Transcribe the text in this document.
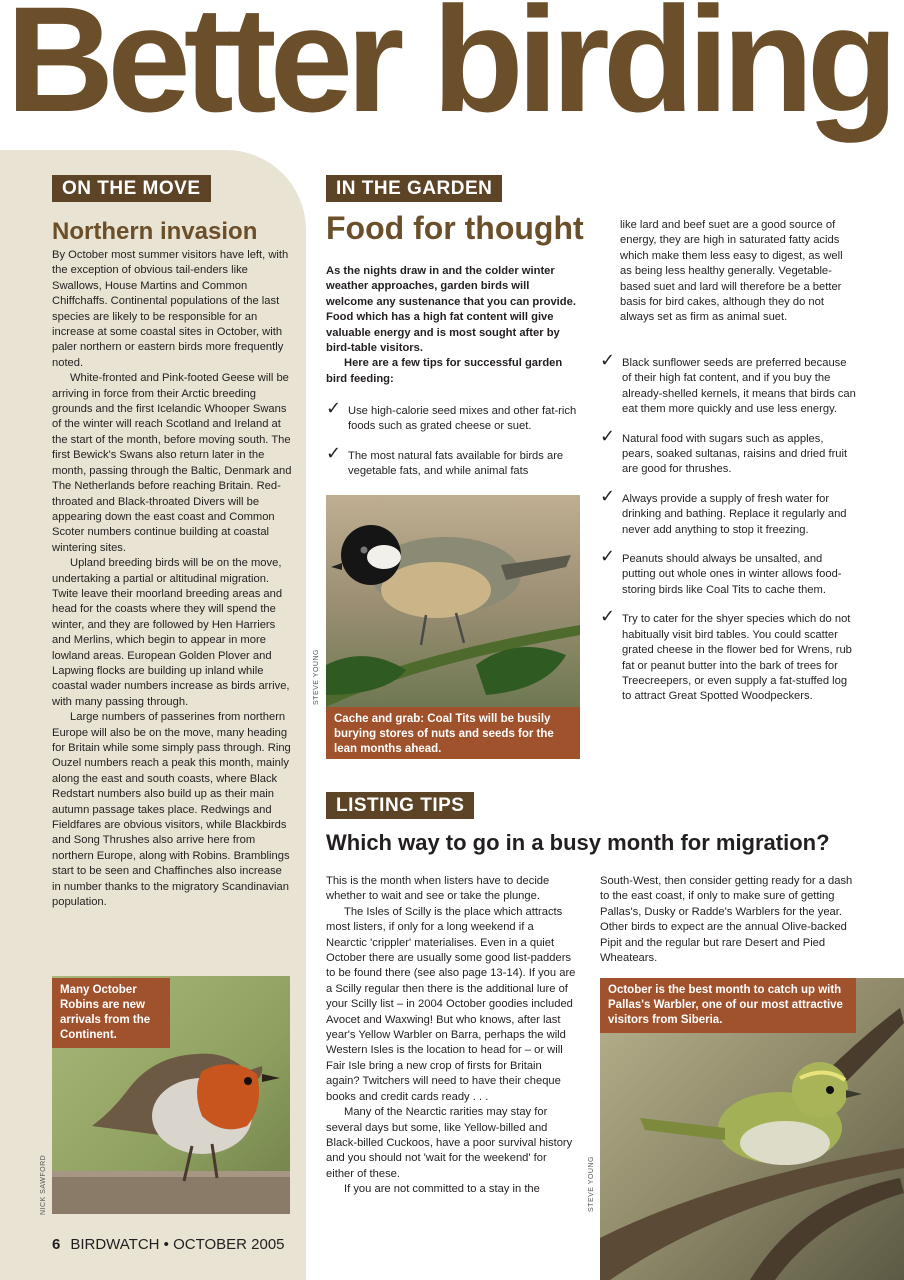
Better birding
ON THE MOVE
Northern invasion

By October most summer visitors have left, with the exception of obvious tail-enders like Swallows, House Martins and Common Chiffchaffs. Continental populations of the last species are likely to be responsible for an increase at some coastal sites in October, with paler northern or eastern birds more frequently noted.

White-fronted and Pink-footed Geese will be arriving in force from their Arctic breeding grounds and the first Icelandic Whooper Swans of the winter will reach Scotland and Ireland at the start of the month, before moving south. The first Bewick's Swans also return later in the month, passing through the Baltic, Denmark and The Netherlands before reaching Britain. Red-throated and Black-throated Divers will be appearing down the east coast and Common Scoter numbers continue building at coastal wintering sites.

Upland breeding birds will be on the move, undertaking a partial or altitudinal migration. Twite leave their moorland breeding areas and head for the coasts where they will spend the winter, and they are followed by Hen Harriers and Merlins, which begin to appear in more lowland areas. European Golden Plover and Lapwing flocks are building up inland while coastal wader numbers increase as birds arrive, with many passing through.

Large numbers of passerines from northern Europe will also be on the move, many heading for Britain while some simply pass through. Ring Ouzel numbers reach a peak this month, mainly along the east and south coasts, where Black Redstart numbers also build up as their main autumn passage takes place. Redwings and Fieldfares are obvious visitors, while Blackbirds and Song Thrushes also arrive here from northern Europe, along with Robins. Bramblings start to be seen and Chaffinches also increase in number thanks to the migratory Scandinavian population.

Many October Robins are new arrivals from the Continent.
NICK SAWFORD
IN THE GARDEN
Food for thought

As the nights draw in and the colder winter weather approaches, garden birds will welcome any sustenance that you can provide. Food which has a high fat content will give valuable energy and is most sought after by bird-table visitors.

Here are a few tips for successful garden bird feeding:

✓ Use high-calorie seed mixes and other fat-rich foods such as grated cheese or suet.
✓ The most natural fats available for birds are vegetable fats, and while animal fats
Cache and grab: Coal Tits will be busily burying stores of nuts and seeds for the lean months ahead.
STEVE YOUNG

like lard and beef suet are a good source of energy, they are high in saturated fatty acids which make them less easy to digest, as well as being less healthy generally. Vegetable-based suet and lard will therefore be a better basis for bird cakes, although they do not always set as firm as animal suet.

✓ Black sunflower seeds are preferred because of their high fat content, and if you buy the already-shelled kernels, it means that birds can eat them more quickly and use less energy.
✓ Natural food with sugars such as apples, pears, soaked sultanas, raisins and dried fruit are good for thrushes.
✓ Always provide a supply of fresh water for drinking and bathing. Replace it regularly and never add anything to stop it freezing.
✓ Peanuts should always be unsalted, and putting out whole ones in winter allows food-storing birds like Coal Tits to cache them.
✓ Try to cater for the shyer species which do not habitually visit bird tables. You could scatter grated cheese in the flower bed for Wrens, rub fat or peanut butter into the bark of trees for Treecreepers, or even supply a fat-stuffed log to attract Great Spotted Woodpeckers.
LISTING TIPS
Which way to go in a busy month for migration?

This is the month when listers have to decide whether to wait and see or take the plunge.

The Isles of Scilly is the place which attracts most listers, if only for a long weekend if a Nearctic 'crippler' materialises. Even in a quiet October there are usually some good list-padders to be found there (see also page 13-14). If you are a Scilly regular then there is the additional lure of your Scilly list – in 2004 October goodies included Avocet and Waxwing! But who knows, after last year's Yellow Warbler on Barra, perhaps the wild Western Isles is the location to head for – or will Fair Isle bring a new crop of firsts for Britain again? Twitchers will need to have their cheque books and credit cards ready . . .

Many of the Nearctic rarities may stay for several days but some, like Yellow-billed and Black-billed Cuckoos, have a poor survival history and you should not 'wait for the weekend' for either of these.

If you are not committed to a stay in the

South-West, then consider getting ready for a dash to the east coast, if only to make sure of getting Pallas's, Dusky or Radde's Warblers for the year. Other birds to expect are the annual Olive-backed Pipit and the regular but rare Desert and Pied Wheatears.

October is the best month to catch up with Pallas's Warbler, one of our most attractive visitors from Siberia.
STEVE YOUNG
6 BIRDWATCH • OCTOBER 2005
